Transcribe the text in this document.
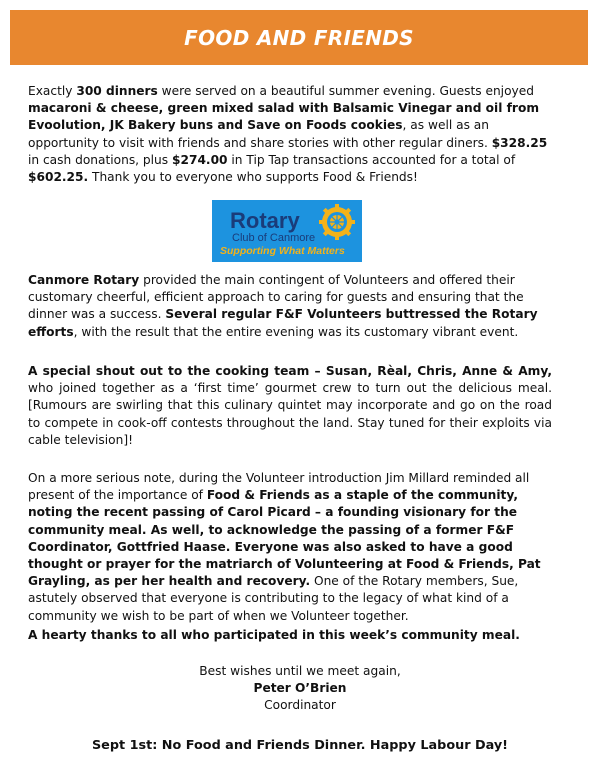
FOOD AND FRIENDS

Exactly 300 dinners were served on a beautiful summer evening. Guests enjoyed macaroni & cheese, green mixed salad with Balsamic Vinegar and oil from Evoolution, JK Bakery buns and Save on Foods cookies, as well as an opportunity to visit with friends and share stories with other regular diners. $328.25 in cash donations, plus $274.00 in Tip Tap transactions accounted for a total of $602.25. Thank you to everyone who supports Food & Friends!

Rotary
Club of Canmore
Supporting What Matters

Canmore Rotary provided the main contingent of Volunteers and offered their customary cheerful, efficient approach to caring for guests and ensuring that the dinner was a success. Several regular F&F Volunteers buttressed the Rotary efforts, with the result that the entire evening was its customary vibrant event.

A special shout out to the cooking team – Susan, Rèal, Chris, Anne & Amy, who joined together as a ‘first time’ gourmet crew to turn out the delicious meal. [Rumours are swirling that this culinary quintet may incorporate and go on the road to compete in cook-off contests throughout the land. Stay tuned for their exploits via cable television]!

On a more serious note, during the Volunteer introduction Jim Millard reminded all present of the importance of Food & Friends as a staple of the community, noting the recent passing of Carol Picard – a founding visionary for the community meal. As well, to acknowledge the passing of a former F&F Coordinator, Gottfried Haase. Everyone was also asked to have a good thought or prayer for the matriarch of Volunteering at Food & Friends, Pat Grayling, as per her health and recovery. One of the Rotary members, Sue, astutely observed that everyone is contributing to the legacy of what kind of a community we wish to be part of when we Volunteer together.

A hearty thanks to all who participated in this week’s community meal.

Best wishes until we meet again,
Peter O’Brien
Coordinator
Sept 1st: No Food and Friends Dinner. Happy Labour Day!
